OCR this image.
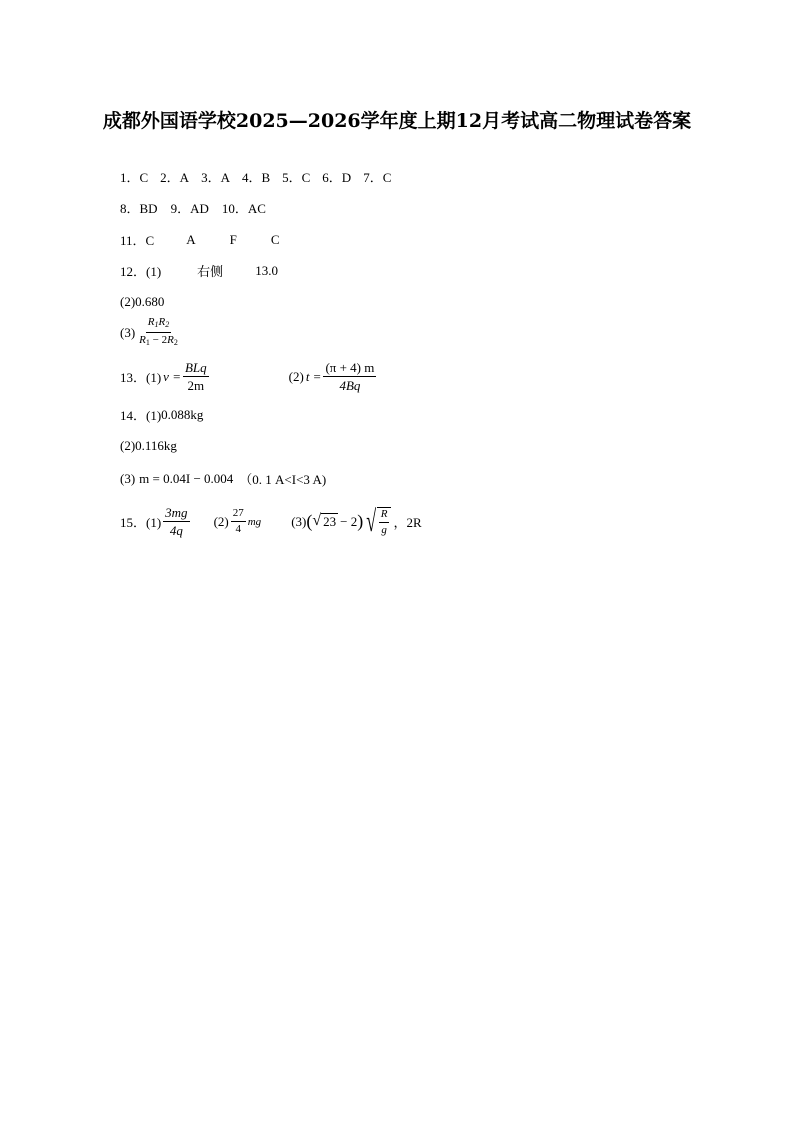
成都外国语学校2025—2026学年度上期12月考试高二物理试卷答案
1．C 2．A 3．A 4．B 5．C 6．D 7．C
8．BD 9．AD 10．AC
11．C A	F	C
12．(1)	右侧 13.0
(2)0.680
$(3) \frac{R_1R_2}{R_1 - 2R_2}$
13．(1) $v = \frac{\text{BLq}}{2m}$	(2) $t = \frac{(\pi + 4) m}{4Bq}$
14．(1) 0.088kg
(2)0.116kg
(3) m = 0.04I − 0.004 （0. 1 A<I<3 A)
15．$(1) \frac{3mg}{4q} (2) \frac{27}{4}$ mg (3) ( √ 23 − 2 ) √ $\frac{R}{g}$ ，2R
